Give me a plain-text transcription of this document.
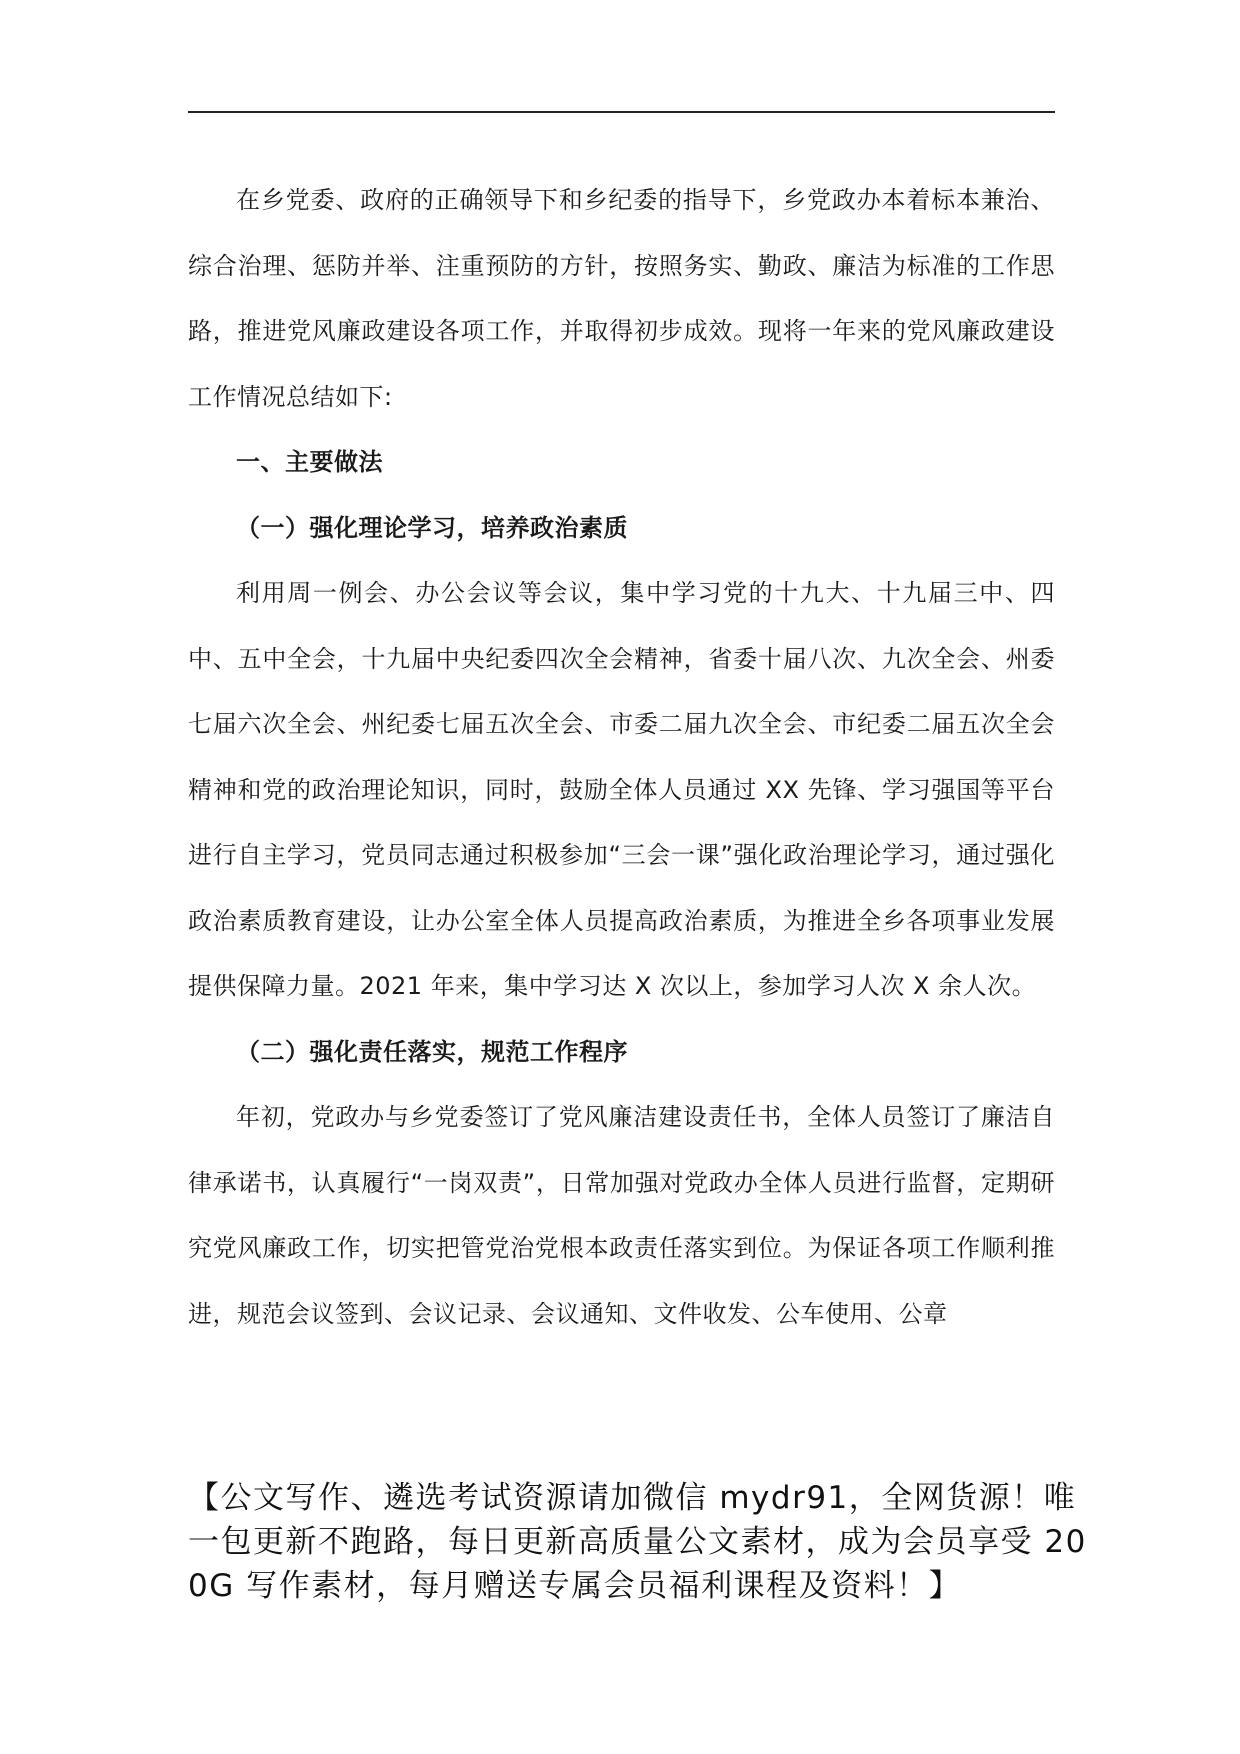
在乡党委、政府的正确领导下和乡纪委的指导下，乡党政办本着标本兼治、综合治理、惩防并举、注重预防的方针，按照务实、勤政、廉洁为标准的工作思路，推进党风廉政建设各项工作，并取得初步成效。现将一年来的党风廉政建设工作情况总结如下:

一、主要做法

（一）强化理论学习，培养政治素质

利用周一例会、办公会议等会议，集中学习党的十九大、十九届三中、四中、五中全会，十九届中央纪委四次全会精神，省委十届八次、九次全会、州委七届六次全会、州纪委七届五次全会、市委二届九次全会、市纪委二届五次全会精神和党的政治理论知识，同时，鼓励全体人员通过 XX 先锋、学习强国等平台进行自主学习，党员同志通过积极参加“三会一课”强化政治理论学习，通过强化政治素质教育建设，让办公室全体人员提高政治素质，为推进全乡各项事业发展提供保障力量。2021 年来，集中学习达 X 次以上，参加学习人次 X 余人次。

（二）强化责任落实，规范工作程序

年初，党政办与乡党委签订了党风廉洁建设责任书，全体人员签订了廉洁自律承诺书，认真履行“一岗双责”，日常加强对党政办全体人员进行监督，定期研究党风廉政工作，切实把管党治党根本政责任落实到位。为保证各项工作顺利推进，规范会议签到、会议记录、会议通知、文件收发、公车使用、公章

【公文写作、遴选考试资源请加微信 mydr91，全网货源！唯一包更新不跑路，每日更新高质量公文素材，成为会员享受 200G 写作素材，每月赠送专属会员福利课程及资料！】
